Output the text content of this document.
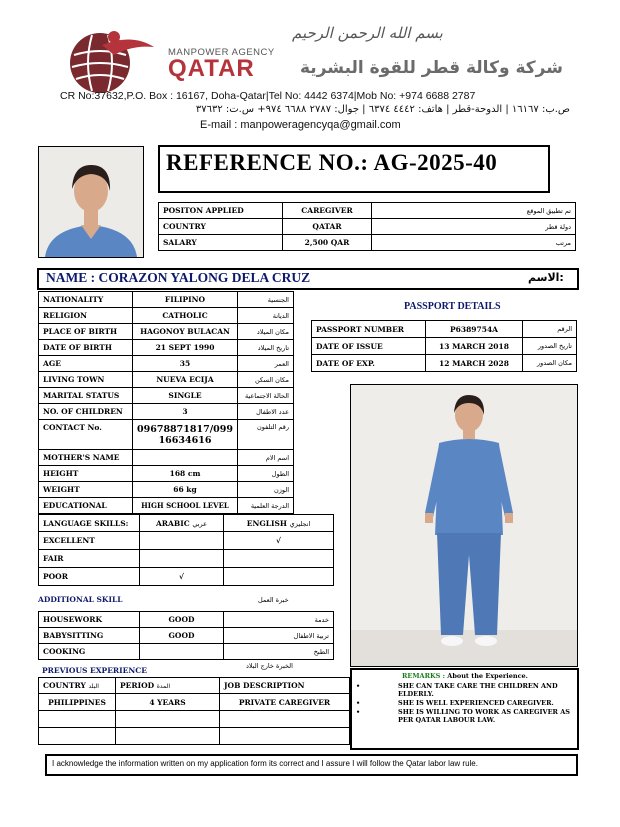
بسم الله الرحمن الرحيم
MANPOWER AGENCY
QATAR	شركة وكالة قطر للقوة البشرية
CR No:37632,P.O. Box : 16167, Doha-Qatar|Tel No: 4442 6374|Mob No: +974 6688 2787
ص.ب: ١٦١٦٧ | الدوحة-قطر | هاتف: ٤٤٤٢ ٦٣٧٤ | جوال: ٢٧٨٧ ٦٦٨٨ ٩٧٤+ س.ت: ٣٧٦٣٢
E-mail : manpoweragencyqa@gmail.com
REFERENCE NO.: AG-2025-40
POSITON APPLIED	CAREGIVER	تم تطبيق الموقع
COUNTRY	QATAR	دولة قطر
SALARY	2,500 QAR	مرتب
NAME : CORAZON YALONG DELA CRUZ	الاسم:
NATIONALITY	FILIPINO	الجنسية
RELIGION	CATHOLIC	الديانة
PLACE OF BIRTH	HAGONOY BULACAN	مكان الميلاد
DATE OF BIRTH	21 SEPT 1990	تاريخ الميلاد
AGE	35	العمر
LIVING TOWN	NUEVA ECIJA	مكان السكن
MARITAL STATUS	SINGLE	الحالة الاجتماعية
NO. OF CHILDREN	3	عدد الاطفال
CONTACT No.	09678871817/099
16634616	رقم التلفون
MOTHER'S NAME		اسم الام
HEIGHT	168 cm	الطول
WEIGHT	66 kg	الوزن
EDUCATIONAL	HIGH SCHOOL LEVEL	الدرجة العلمية
PASSPORT DETAILS
PASSPORT NUMBER	P6389754A	الرقم
DATE OF ISSUE	13 MARCH 2018	تاريخ الصدور
DATE OF EXP.	12 MARCH 2028	مكان الصدور
LANGUAGE SKILLS:	ARABIC عربي	ENGLISH انجليزي
EXCELLENT		√
FAIR		
POOR	√	
ADDITIONAL SKILL	خبرة العمل
HOUSEWORK	GOOD	خدمة
BABYSITTING	GOOD	تربية الاطفال
COOKING		الطبخ
PREVIOUS EXPERIENCE	الخبرة خارج البلاد
COUNTRY البلد	PERIOD المدة	JOB DESCRIPTION
PHILIPPINES	4 YEARS	PRIVATE CAREGIVER

REMARKS : About the Experience.
•	SHE CAN TAKE CARE THE CHILDREN AND ELDERLY.
•	SHE IS WELL EXPERIENCED CAREGIVER.
•	SHE IS WILLING TO WORK AS CAREGIVER AS PER QATAR LABOUR LAW.
I acknowledge the information written on my application form its correct and I assure I will follow the Qatar labor law rule.
